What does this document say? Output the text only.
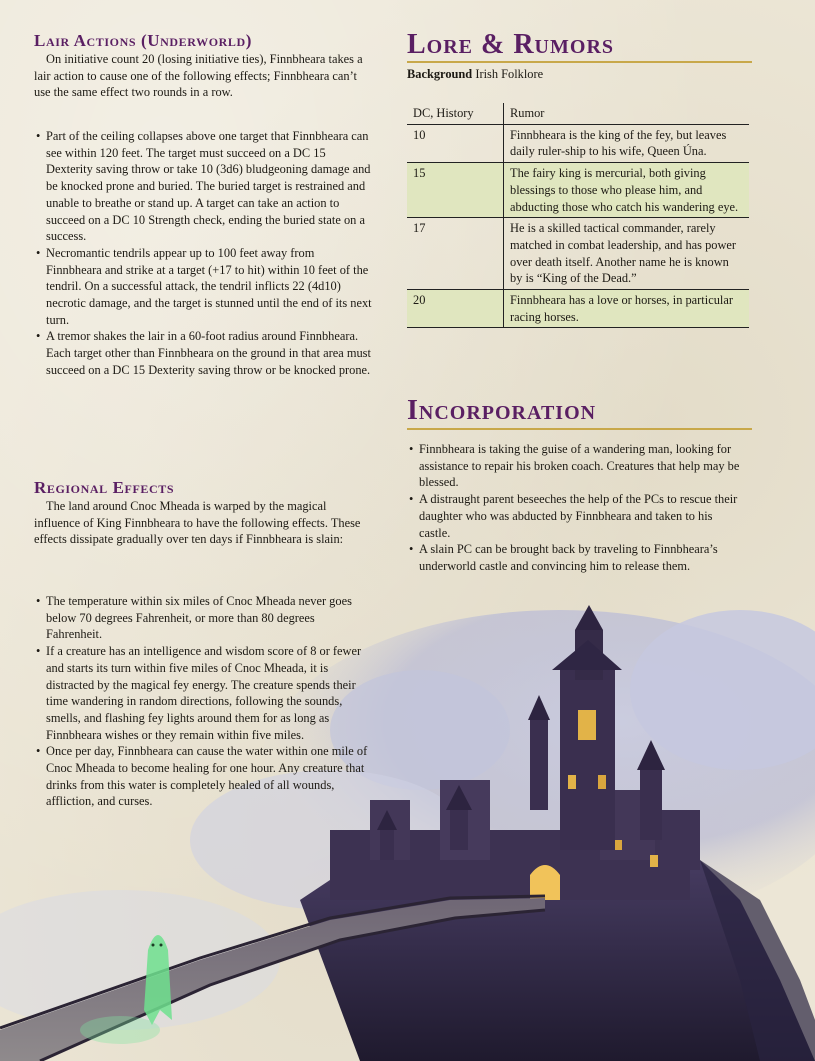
Lair Actions (Underworld)

On initiative count 20 (losing initiative ties), Finnbheara takes a lair action to cause one of the following effects; Finnbheara can’t use the same effect two rounds in a row.

• Part of the ceiling collapses above one target that Finnbheara can see within 120 feet. The target must succeed on a DC 15 Dexterity saving throw or take 10 (3d6) bludgeoning damage and be knocked prone and buried. The buried target is restrained and unable to breathe or stand up. A target can take an action to succeed on a DC 10 Strength check, ending the buried state on a success.
• Necromantic tendrils appear up to 100 feet away from Finnbheara and strike at a target (+17 to hit) within 10 feet of the tendril. On a successful attack, the tendril inflicts 22 (4d10) necrotic damage, and the target is stunned until the end of its next turn.
• A tremor shakes the lair in a 60-foot radius around Finnbheara. Each target other than Finnbheara on the ground in that area must succeed on a DC 15 Dexterity saving throw or be knocked prone.
Regional Effects

The land around Cnoc Mheada is warped by the magical influence of King Finnbheara to have the following effects. These effects dissipate gradually over ten days if Finnbheara is slain:

• The temperature within six miles of Cnoc Mheada never goes below 70 degrees Fahrenheit, or more than 80 degrees Fahrenheit.
• If a creature has an intelligence and wisdom score of 8 or fewer and starts its turn within five miles of Cnoc Mheada, it is distracted by the magical fey energy. The creature spends their time wandering in random directions, following the sounds, smells, and flashing fey lights around them for as long as Finnbheara wishes or they remain within five miles.
• Once per day, Finnbheara can cause the water within one mile of Cnoc Mheada to become healing for one hour. Any creature that drinks from this water is completely healed of all wounds, affliction, and curses.
Lore & Rumors

Background Irish Folklore

DC, History	Rumor
10	Finnbheara is the king of the fey, but leaves daily ruler-ship to his wife, Queen Úna.
15	The fairy king is mercurial, both giving blessings to those who please him, and abducting those who catch his wandering eye.
17	He is a skilled tactical commander, rarely matched in combat leadership, and has power over death itself. Another name he is known by is “King of the Dead.”
20	Finnbheara has a love or horses, in particular racing horses.
Incorporation
• Finnbheara is taking the guise of a wandering man, looking for assistance to repair his broken coach. Creatures that help may be blessed.
• A distraught parent beseeches the help of the PCs to rescue their daughter who was abducted by Finnbheara and taken to his castle.
• A slain PC can be brought back by traveling to Finnbheara’s underworld castle and convincing him to release them.
